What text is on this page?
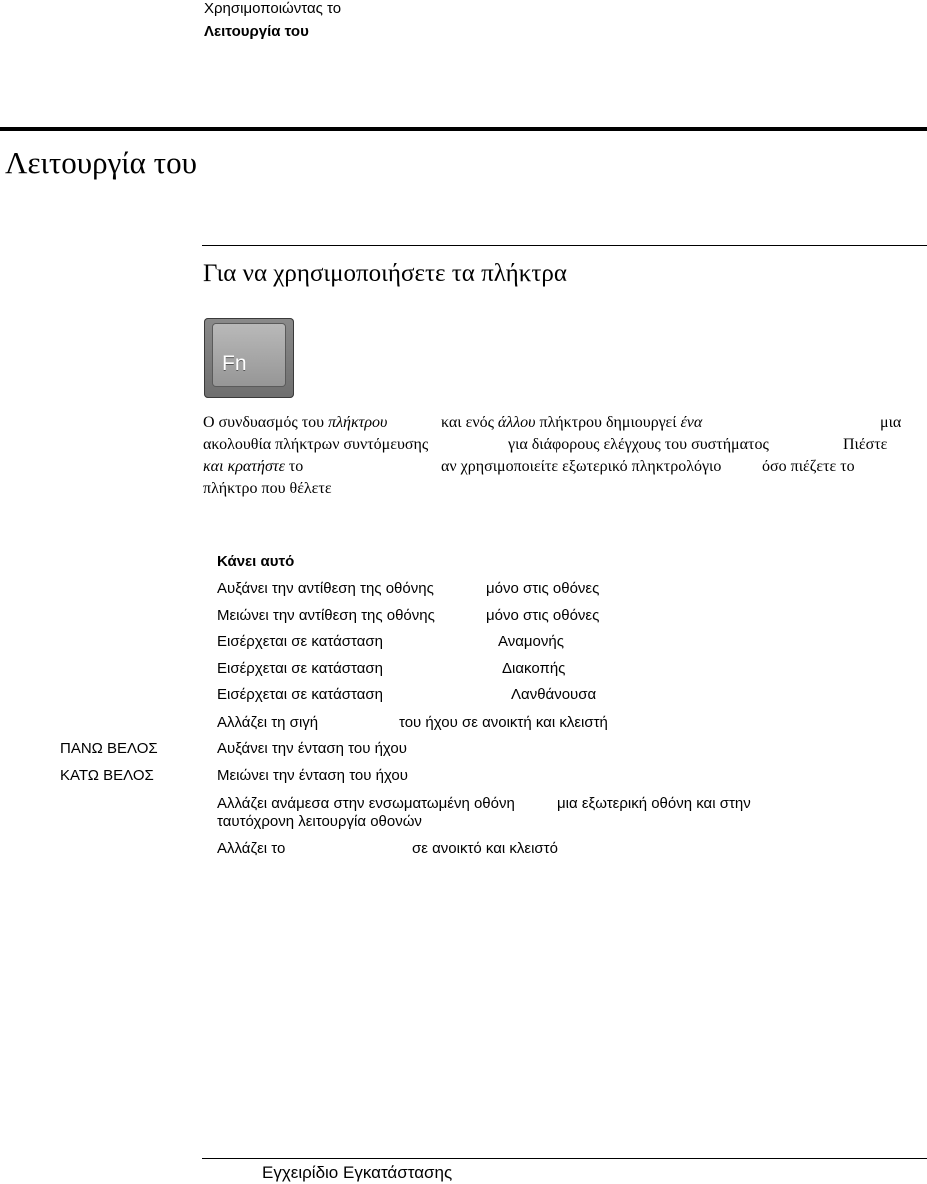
Χρησιμοποιώντας το
Λειτουργία του
Λειτουργία του
Για να χρησιμοποιήσετε τα πλήκτρα
Fn
Ο συνδυασμός του πλήκτρου	και ενός άλλου πλήκτρου δημιουργεί ένα	μια
ακολουθία πλήκτρων συντόμευσης	για διάφορους ελέγχους του συστήματος	Πιέστε
και κρατήστε το	αν χρησιμοποιείτε εξωτερικό πληκτρολόγιο	όσο πιέζετε το
πλήκτρο που θέλετε
Κάνει αυτό
Αυξάνει την αντίθεση της οθόνης	μόνο στις οθόνες
Μειώνει την αντίθεση της οθόνης	μόνο στις οθόνες
Εισέρχεται σε κατάσταση	Αναμονής
Εισέρχεται σε κατάσταση	Διακοπής
Εισέρχεται σε κατάσταση	Λανθάνουσα
Αλλάζει τη σιγή	του ήχου σε ανοικτή και κλειστή
ΠΑΝΩ ΒΕΛΟΣ	Αυξάνει την ένταση του ήχου
ΚΑΤΩ ΒΕΛΟΣ	Μειώνει την ένταση του ήχου
Αλλάζει ανάμεσα στην ενσωματωμένη οθόνη	μια εξωτερική οθόνη και στην
ταυτόχρονη λειτουργία οθονών
Αλλάζει το	σε ανοικτό και κλειστό
Εγχειρίδιο Εγκατάστασης
